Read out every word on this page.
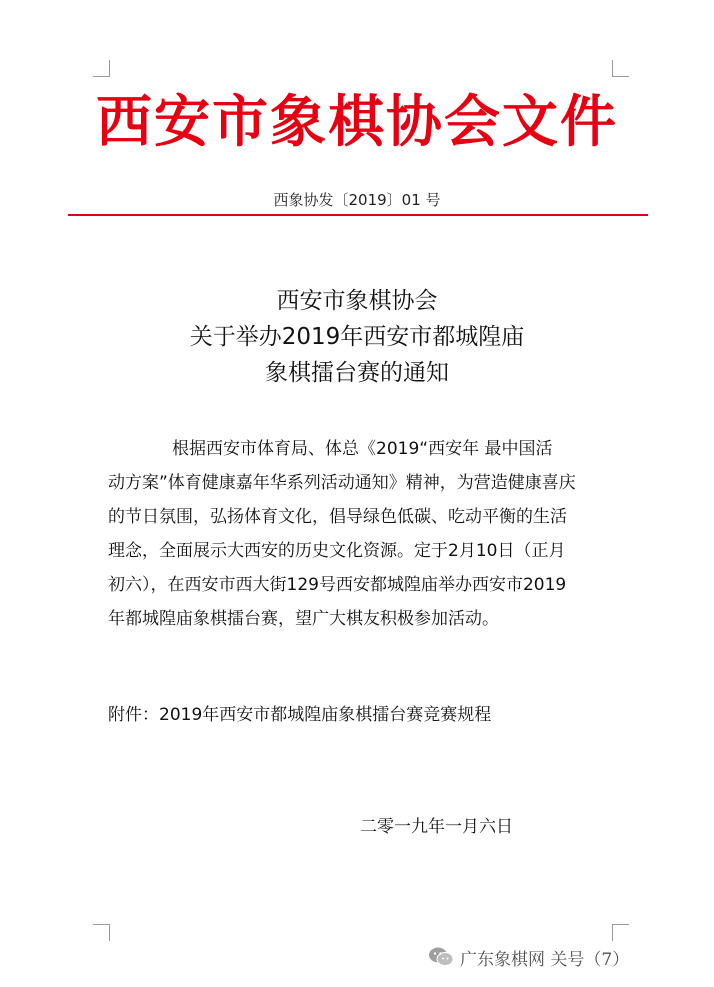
西安市象棋协会文件
西象协发〔2019〕01 号
西安市象棋协会
关于举办2019年西安市都城隍庙
象棋擂台赛的通知
根据西安市体育局、体总《2019“西安年 最中国活
动方案”体育健康嘉年华系列活动通知》精神，为营造健康喜庆
的节日氛围，弘扬体育文化，倡导绿色低碳、吃动平衡的生活
理念，全面展示大西安的历史文化资源。定于2月10日（正月
初六），在西安市西大街129号西安都城隍庙举办西安市2019
年都城隍庙象棋擂台赛，望广大棋友积极参加活动。
附件：2019年西安市都城隍庙象棋擂台赛竞赛规程
二零一九年一月六日
广东象棋网 关号（7）
